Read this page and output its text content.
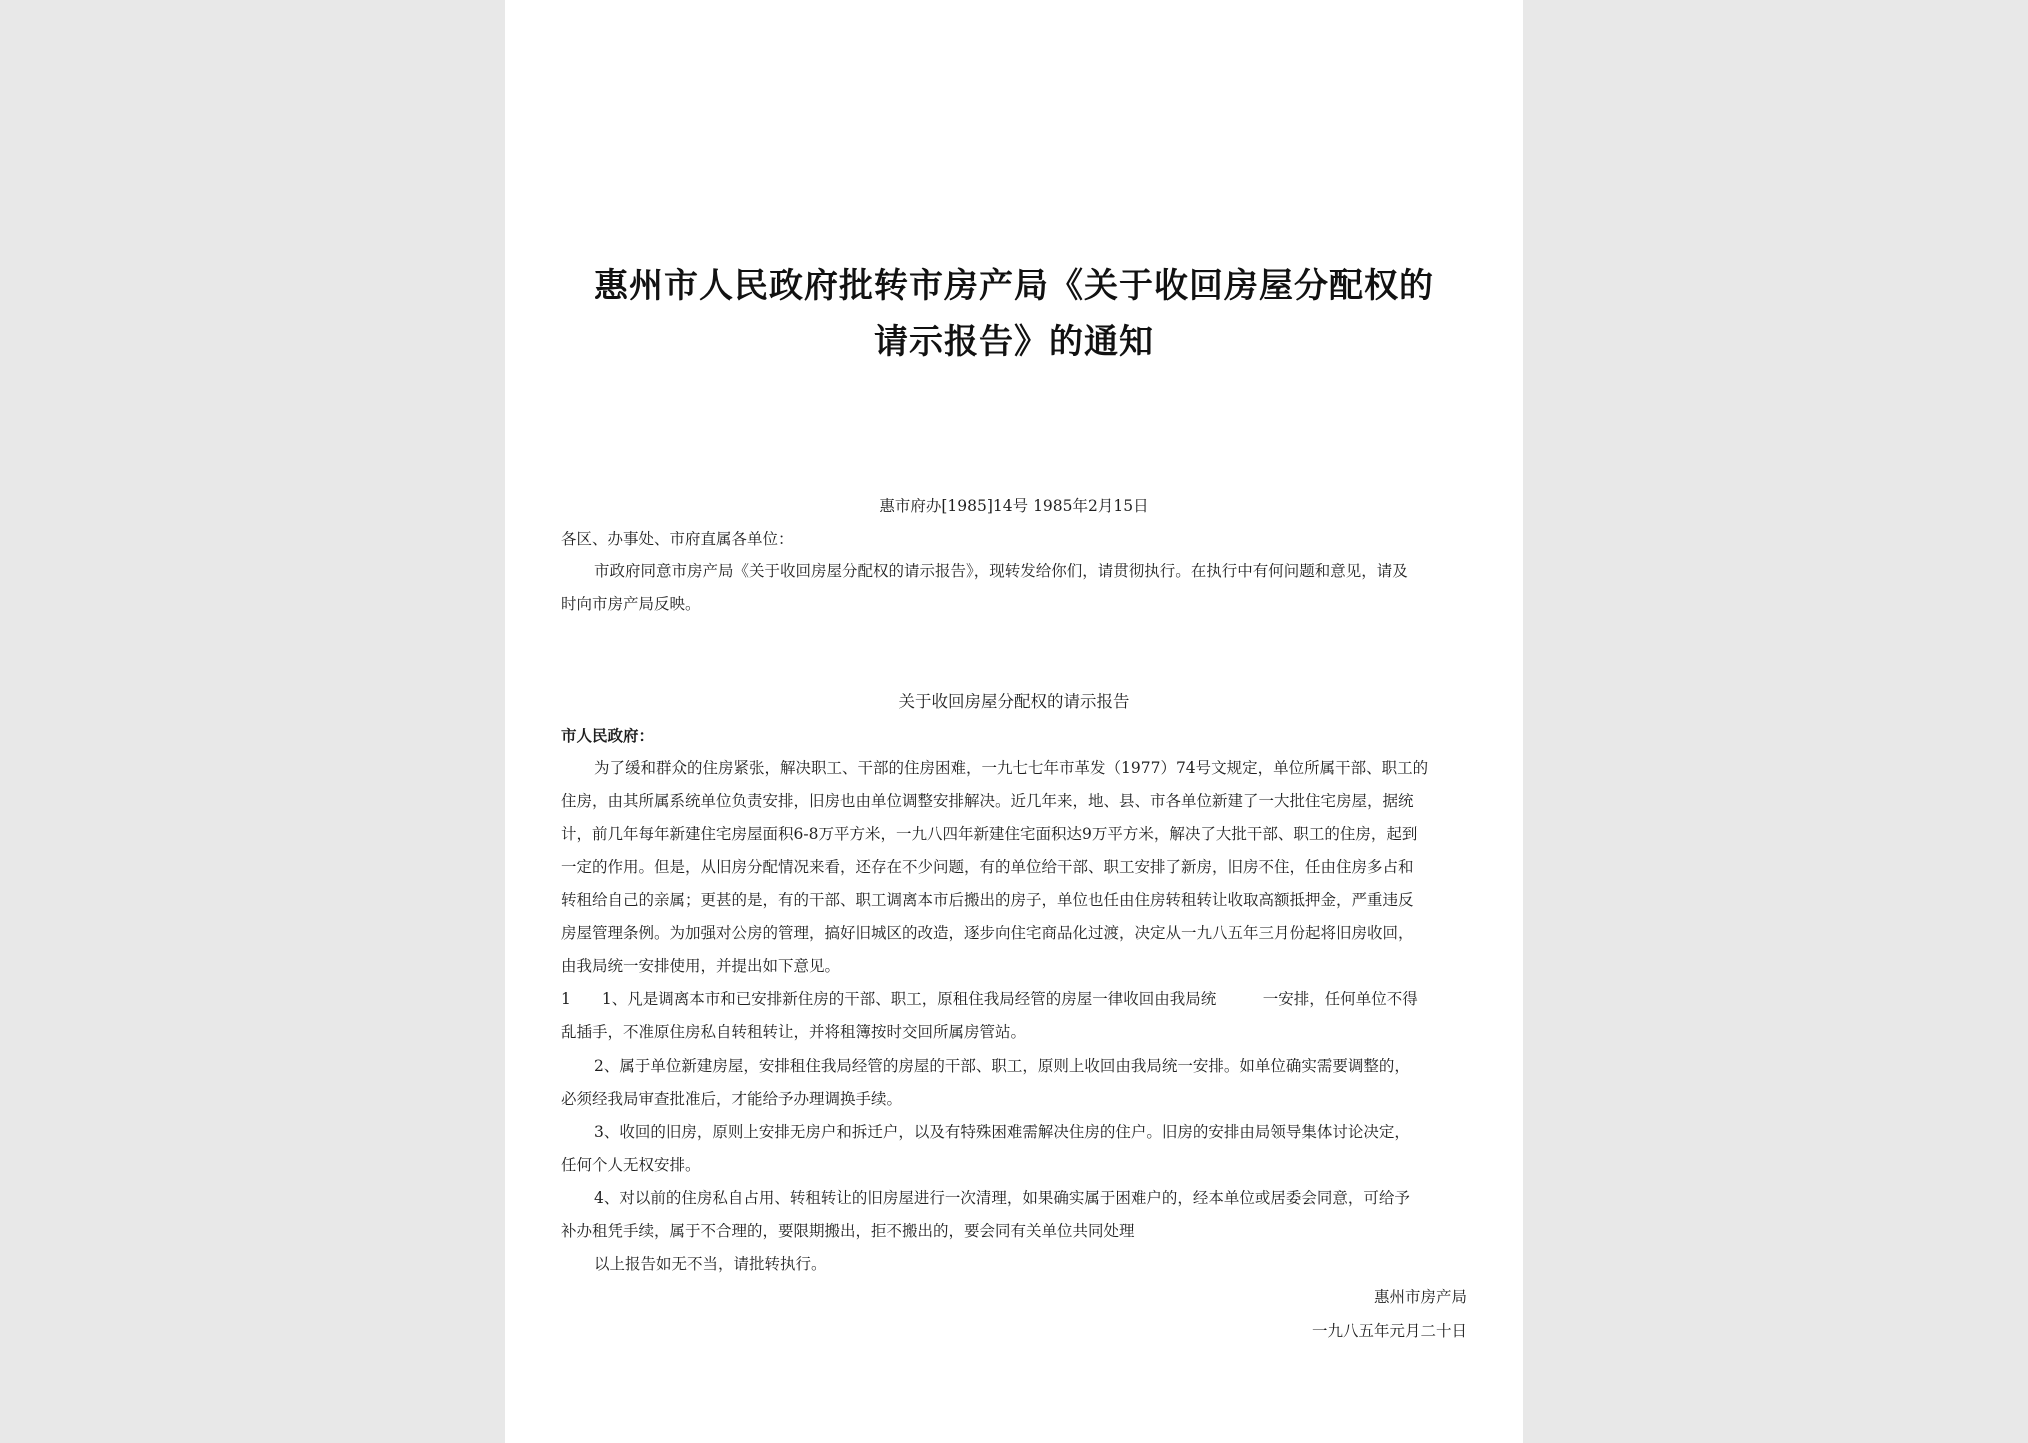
惠州市人民政府批转市房产局《关于收回房屋分配权的
请示报告》的通知
惠市府办[1985]14号 1985年2月15日
各区、办事处、市府直属各单位：
市政府同意市房产局《关于收回房屋分配权的请示报告》，现转发给你们，请贯彻执行。在执行中有何问题和意见，请及
时向市房产局反映。
关于收回房屋分配权的请示报告
市人民政府：
为了缓和群众的住房紧张，解决职工、干部的住房困难，一九七七年市革发（1977）74号文规定，单位所属干部、职工的
住房，由其所属系统单位负责安排，旧房也由单位调整安排解决。近几年来，地、县、市各单位新建了一大批住宅房屋，据统
计，前几年每年新建住宅房屋面积6-8万平方米，一九八四年新建住宅面积达9万平方米，解决了大批干部、职工的住房，起到
一定的作用。但是，从旧房分配情况来看，还存在不少问题，有的单位给干部、职工安排了新房，旧房不住，任由住房多占和
转租给自己的亲属；更甚的是，有的干部、职工调离本市后搬出的房子，单位也任由住房转租转让收取高额抵押金，严重违反
房屋管理条例。为加强对公房的管理，搞好旧城区的改造，逐步向住宅商品化过渡，决定从一九八五年三月份起将旧房收回，
由我局统一安排使用，并提出如下意见。
1　　1、凡是调离本市和已安排新住房的干部、职工，原租住我局经管的房屋一律收回由我局统　　　一安排，任何单位不得
乱插手，不准原住房私自转租转让，并将租簿按时交回所属房管站。
2、属于单位新建房屋，安排租住我局经管的房屋的干部、职工，原则上收回由我局统一安排。如单位确实需要调整的，
必须经我局审查批准后，才能给予办理调换手续。
3、收回的旧房，原则上安排无房户和拆迁户，以及有特殊困难需解决住房的住户。旧房的安排由局领导集体讨论决定，
任何个人无权安排。
4、对以前的住房私自占用、转租转让的旧房屋进行一次清理，如果确实属于困难户的，经本单位或居委会同意，可给予
补办租凭手续，属于不合理的，要限期搬出，拒不搬出的，要会同有关单位共同处理
以上报告如无不当，请批转执行。
惠州市房产局
一九八五年元月二十日
